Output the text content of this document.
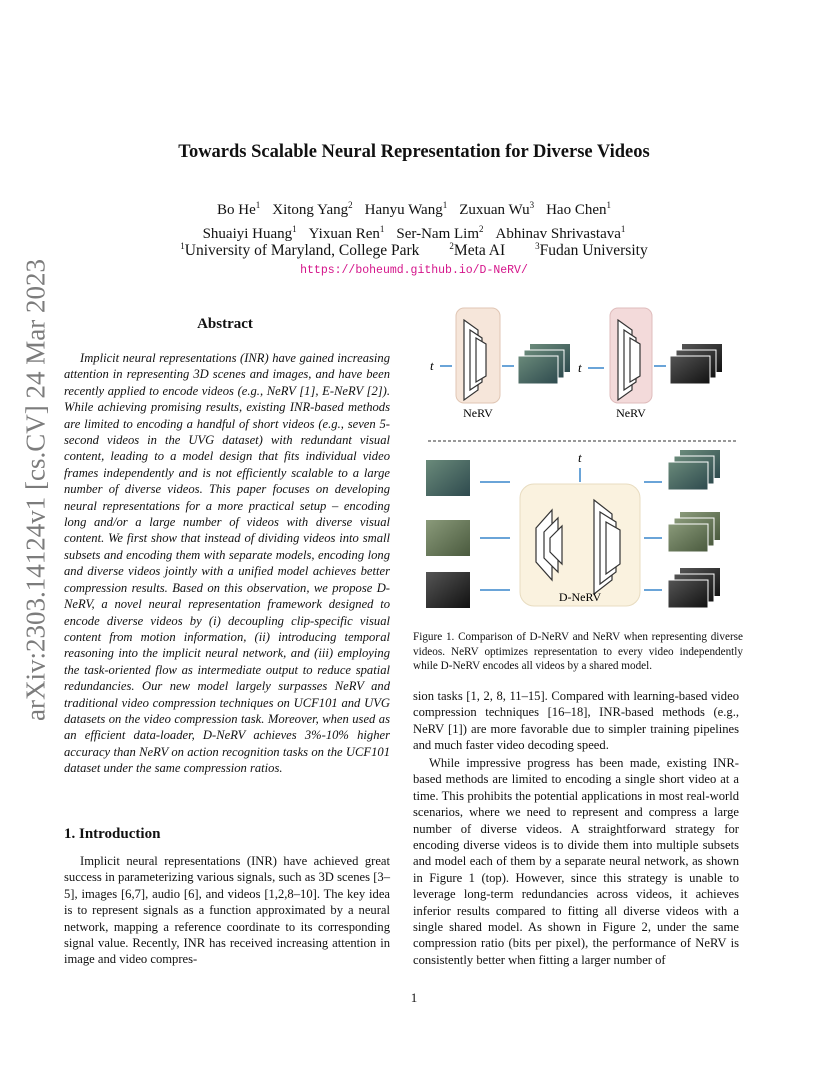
Towards Scalable Neural Representation for Diverse Videos
Bo He$^1$ Xitong Yang$^2$ Hanyu Wang$^1$ Zuxuan Wu$^3$ Hao Chen$^1$
Shuaiyi Huang$^1$ Yixuan Ren$^1$ Ser-Nam Lim$^2$ Abhinav Shrivastava$^1$
$^1$University of Maryland, College Park	$^2$Meta AI	$^3$Fudan University
https://boheumd.github.io/D-NeRV/
arXiv:2303.14124v1 [cs.CV] 24 Mar 2023	Abstract
Implicit neural representations (INR) have gained increasing attention in representing 3D scenes and images, and have been recently applied to encode videos (e.g., NeRV [1], E-NeRV [2]). While achieving promising results, existing INR-based methods are limited to encoding a handful of short videos (e.g., seven 5-second videos in the UVG dataset) with redundant visual content, leading to a model design that fits individual video frames independently and is not efficiently scalable to a large number of diverse videos. This paper focuses on developing neural representations for a more practical setup – encoding long and/or a large number of videos with diverse visual content. We first show that instead of dividing videos into small subsets and encoding them with separate models, encoding long and diverse videos jointly with a unified model achieves better compression results. Based on this observation, we propose D-NeRV, a novel neural representation framework designed to encode diverse videos by (i) decoupling clip-specific visual content from motion information, (ii) introducing temporal reasoning into the implicit neural network, and (iii) employing the task-oriented flow as intermediate output to reduce spatial redundancies. Our new model largely surpasses NeRV and traditional video compression techniques on UCF101 and UVG datasets on the video compression task. Moreover, when used as an efficient data-loader, D-NeRV achieves 3%-10% higher accuracy than NeRV on action recognition tasks on the UCF101 dataset under the same compression ratios.
1. Introduction
Implicit neural representations (INR) have achieved great success in parameterizing various signals, such as 3D scenes [3–5], images [6,7], audio [6], and videos [1,2,8–10]. The key idea is to represent signals as a function approximated by a neural network, mapping a reference coordinate to its corresponding signal value. Recently, INR has received increasing attention in image and video compres-
t
NeRV
t
NeRV
t
D-NeRV
Figure 1. Comparison of D-NeRV and NeRV when representing diverse videos. NeRV optimizes representation to every video independently while D-NeRV encodes all videos by a shared model.
sion tasks [1, 2, 8, 11–15]. Compared with learning-based video compression techniques [16–18], INR-based methods (e.g., NeRV [1]) are more favorable due to simpler training pipelines and much faster video decoding speed.
While impressive progress has been made, existing INR-based methods are limited to encoding a single short video at a time. This prohibits the potential applications in most real-world scenarios, where we need to represent and compress a large number of diverse videos. A straightforward strategy for encoding diverse videos is to divide them into multiple subsets and model each of them by a separate neural network, as shown in Figure 1 (top). However, since this strategy is unable to leverage long-term redundancies across videos, it achieves inferior results compared to fitting all diverse videos with a single shared model. As shown in Figure 2, under the same compression ratio (bits per pixel), the performance of NeRV is consistently better when fitting a larger number of
1
